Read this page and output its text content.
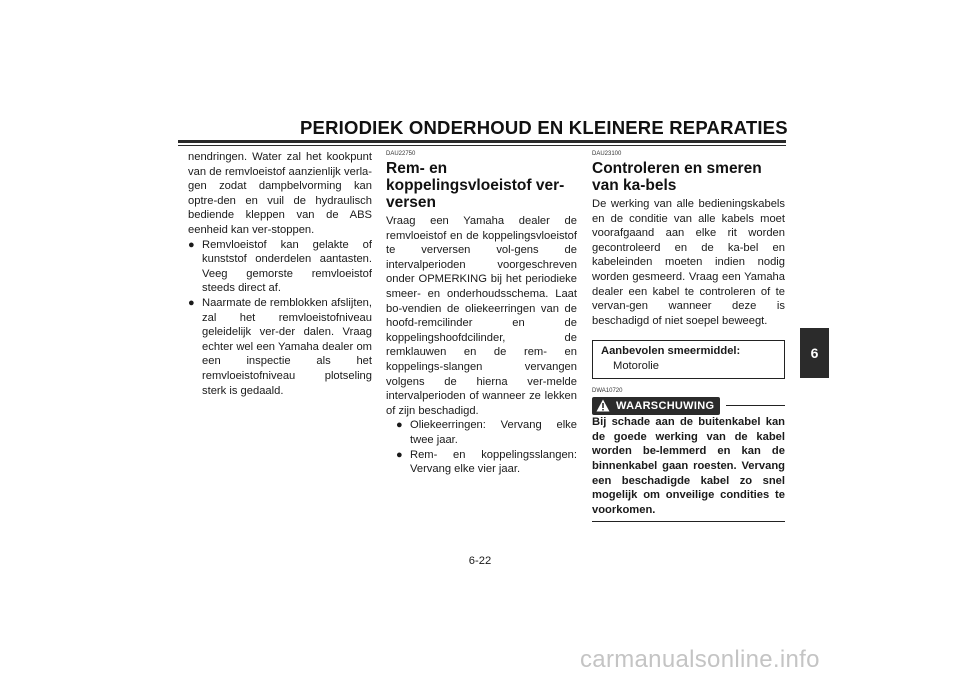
PERIODIEK ONDERHOUD EN KLEINERE REPARATIES

nendringen. Water zal het kookpunt van de remvloeistof aanzienlijk verla-gen zodat dampbelvorming kan optre-den en vuil de hydraulisch bediende kleppen van de ABS eenheid kan ver-stoppen.

● Remvloeistof kan gelakte of kunststof onderdelen aantasten. Veeg gemorste remvloeistof steeds direct af.
● Naarmate de remblokken afslijten, zal het remvloeistofniveau geleidelijk ver-der dalen. Vraag echter wel een Yamaha dealer om een inspectie als het remvloeistofniveau plotseling sterk is gedaald.

DAU22750

Rem- en koppelingsvloeistof ver-versen

Vraag een Yamaha dealer de remvloeistof en de koppelingsvloeistof te verversen vol-gens de intervalperioden voorgeschreven onder OPMERKING bij het periodieke smeer- en onderhoudsschema. Laat bo-vendien de oliekeerringen van de hoofd-remcilinder en de koppelingshoofdcilinder, de remklauwen en de rem- en koppelings-slangen vervangen volgens de hierna ver-melde intervalperioden of wanneer ze lekken of zijn beschadigd.

● Oliekeerringen: Vervang elke twee jaar.
● Rem- en koppelingsslangen: Vervang elke vier jaar.

DAU23100

Controleren en smeren van ka-bels

De werking van alle bedieningskabels en de conditie van alle kabels moet voorafgaand aan elke rit worden gecontroleerd en de ka-bel en kabeleinden moeten indien nodig worden gesmeerd. Vraag een Yamaha dealer een kabel te controleren of te vervan-gen wanneer deze is beschadigd of niet soepel beweegt.

Aanbevolen smeermiddel:
Motorolie

DWA10720

WAARSCHUWING

Bij schade aan de buitenkabel kan de goede werking van de kabel worden be-lemmerd en kan de binnenkabel gaan roesten. Vervang een beschadigde kabel zo snel mogelijk om onveilige condities te voorkomen.

6
6-22
carmanualsonline.info
